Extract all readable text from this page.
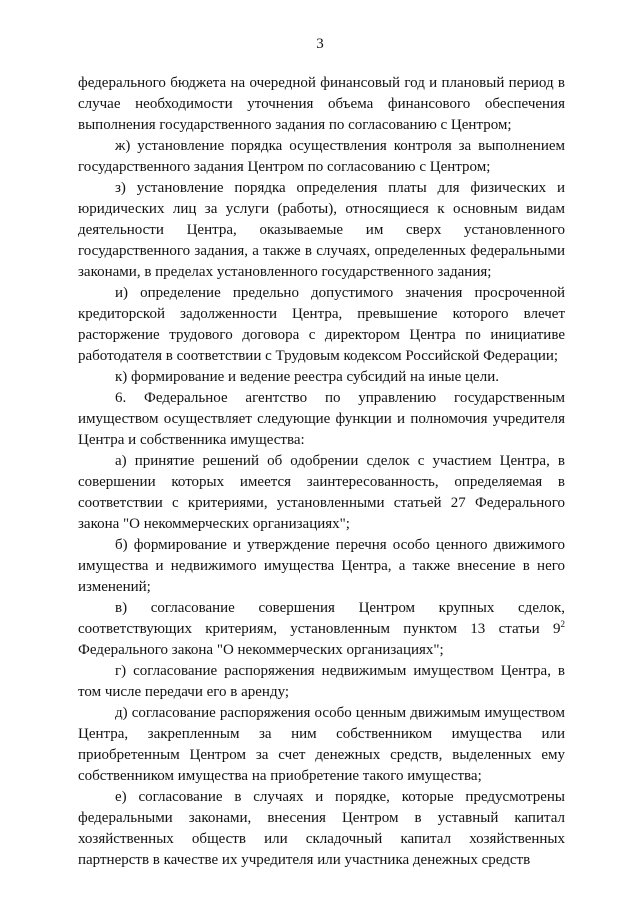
3

федерального бюджета на очередной финансовый год и плановый период в случае необходимости уточнения объема финансового обеспечения выполнения государственного задания по согласованию с Центром;

ж) установление порядка осуществления контроля за выполнением государственного задания Центром по согласованию с Центром;

з) установление порядка определения платы для физических и юридических лиц за услуги (работы), относящиеся к основным видам деятельности Центра, оказываемые им сверх установленного государственного задания, а также в случаях, определенных федеральными законами, в пределах установленного государственного задания;

и) определение предельно допустимого значения просроченной кредиторской задолженности Центра, превышение которого влечет расторжение трудового договора с директором Центра по инициативе работодателя в соответствии с Трудовым кодексом Российской Федерации;

к) формирование и ведение реестра субсидий на иные цели.

6. Федеральное агентство по управлению государственным имуществом осуществляет следующие функции и полномочия учредителя Центра и собственника имущества:

а) принятие решений об одобрении сделок с участием Центра, в совершении которых имеется заинтересованность, определяемая в соответствии с критериями, установленными статьей 27 Федерального закона "О некоммерческих организациях";

б) формирование и утверждение перечня особо ценного движимого имущества и недвижимого имущества Центра, а также внесение в него изменений;

в) согласование совершения Центром крупных сделок, соответствующих критериям, установленным пунктом 13 статьи $9^2$ Федерального закона "О некоммерческих организациях";

г) согласование распоряжения недвижимым имуществом Центра, в том числе передачи его в аренду;

д) согласование распоряжения особо ценным движимым имуществом Центра, закрепленным за ним собственником имущества или приобретенным Центром за счет денежных средств, выделенных ему собственником имущества на приобретение такого имущества;

е) согласование в случаях и порядке, которые предусмотрены федеральными законами, внесения Центром в уставный капитал хозяйственных обществ или складочный капитал хозяйственных партнерств в качестве их учредителя или участника денежных средств
